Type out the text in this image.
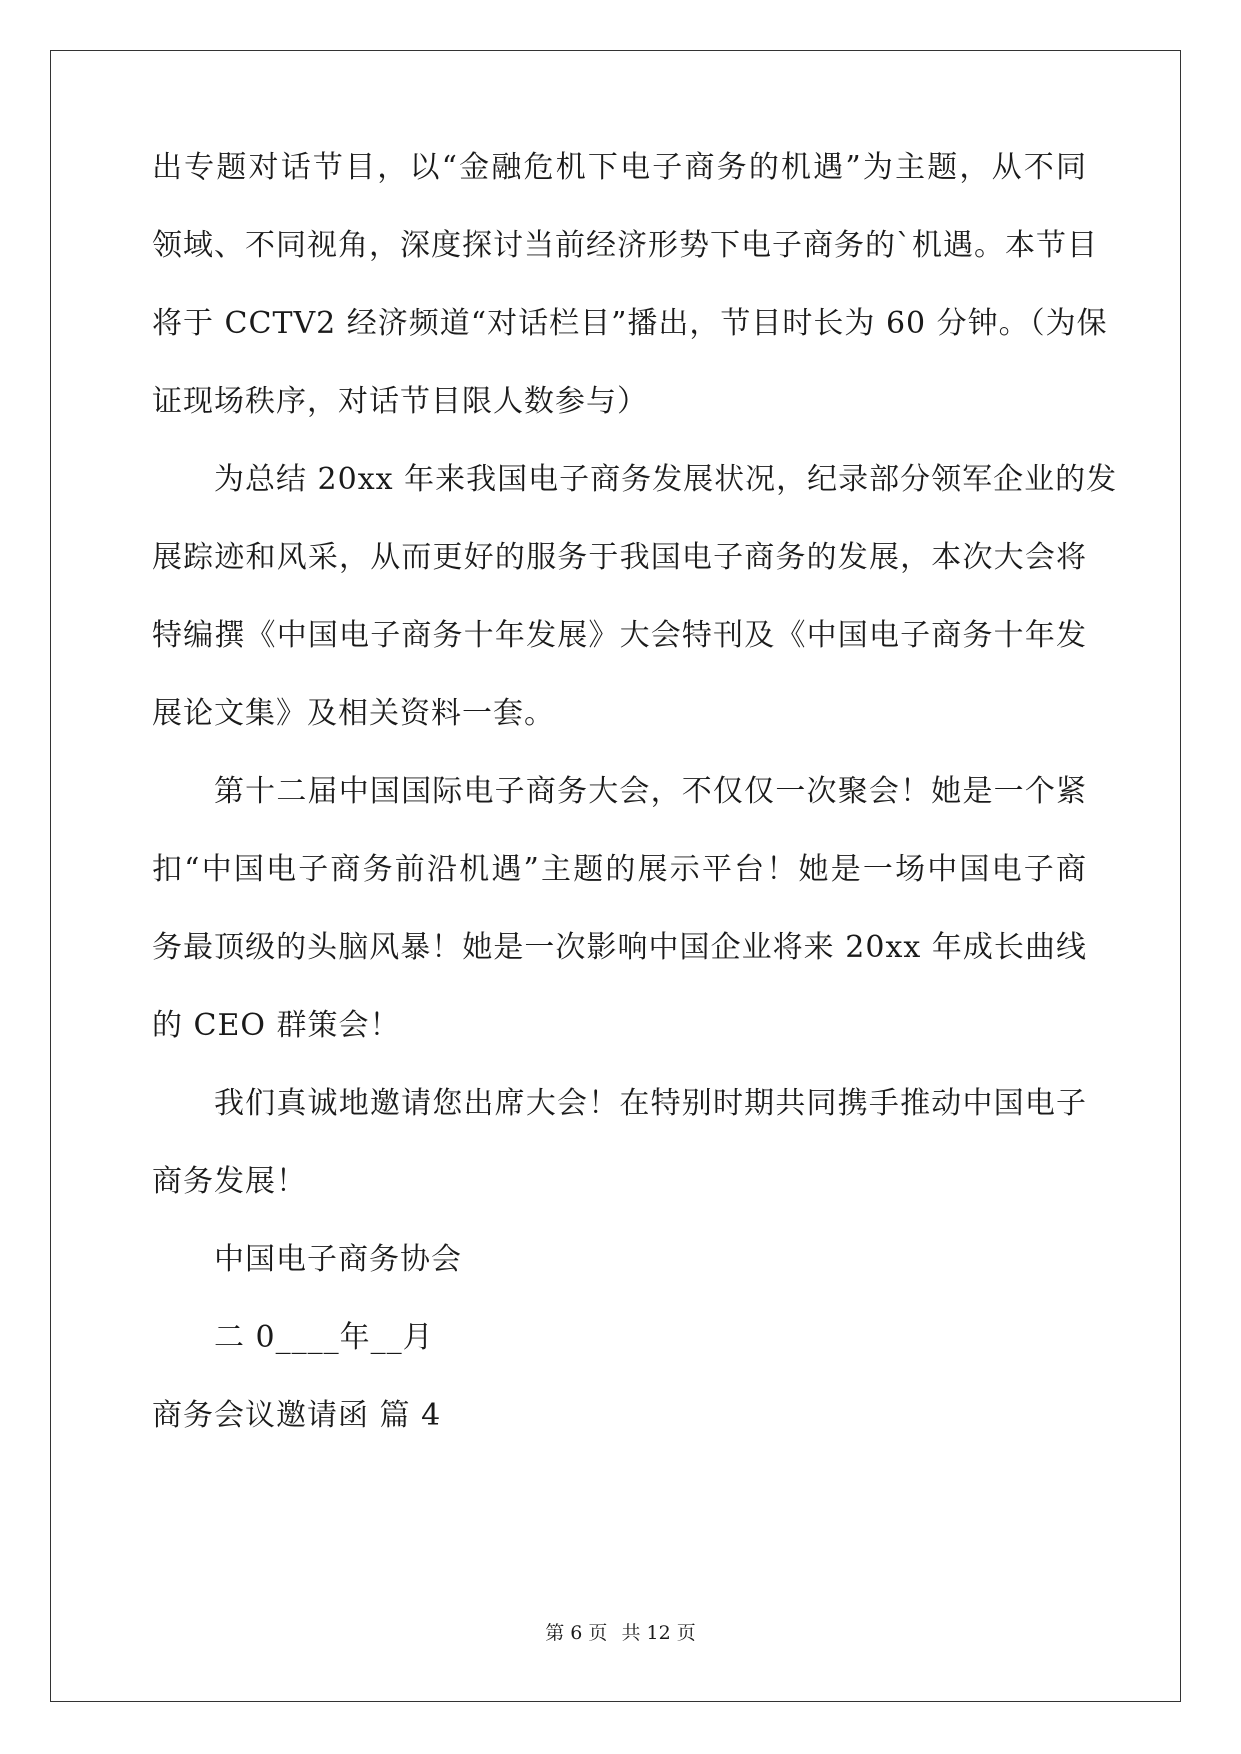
出专题对话节目，以“金融危机下电子商务的机遇”为主题，从不同
领域、不同视角，深度探讨当前经济形势下电子商务的`机遇。本节目
将于 CCTV2 经济频道“对话栏目”播出，节目时长为 60 分钟。（为保
证现场秩序，对话节目限人数参与）
为总结 20xx 年来我国电子商务发展状况，纪录部分领军企业的发
展踪迹和风采，从而更好的服务于我国电子商务的发展，本次大会将
特编撰《中国电子商务十年发展》大会特刊及《中国电子商务十年发
展论文集》及相关资料一套。
第十二届中国国际电子商务大会，不仅仅一次聚会！她是一个紧
扣“中国电子商务前沿机遇”主题的展示平台！她是一场中国电子商
务最顶级的头脑风暴！她是一次影响中国企业将来 20xx 年成长曲线
的 CEO 群策会！
我们真诚地邀请您出席大会！在特别时期共同携手推动中国电子
商务发展！
中国电子商务协会
二 0____年__月
商务会议邀请函 篇 4
第 6 页 共 12 页
